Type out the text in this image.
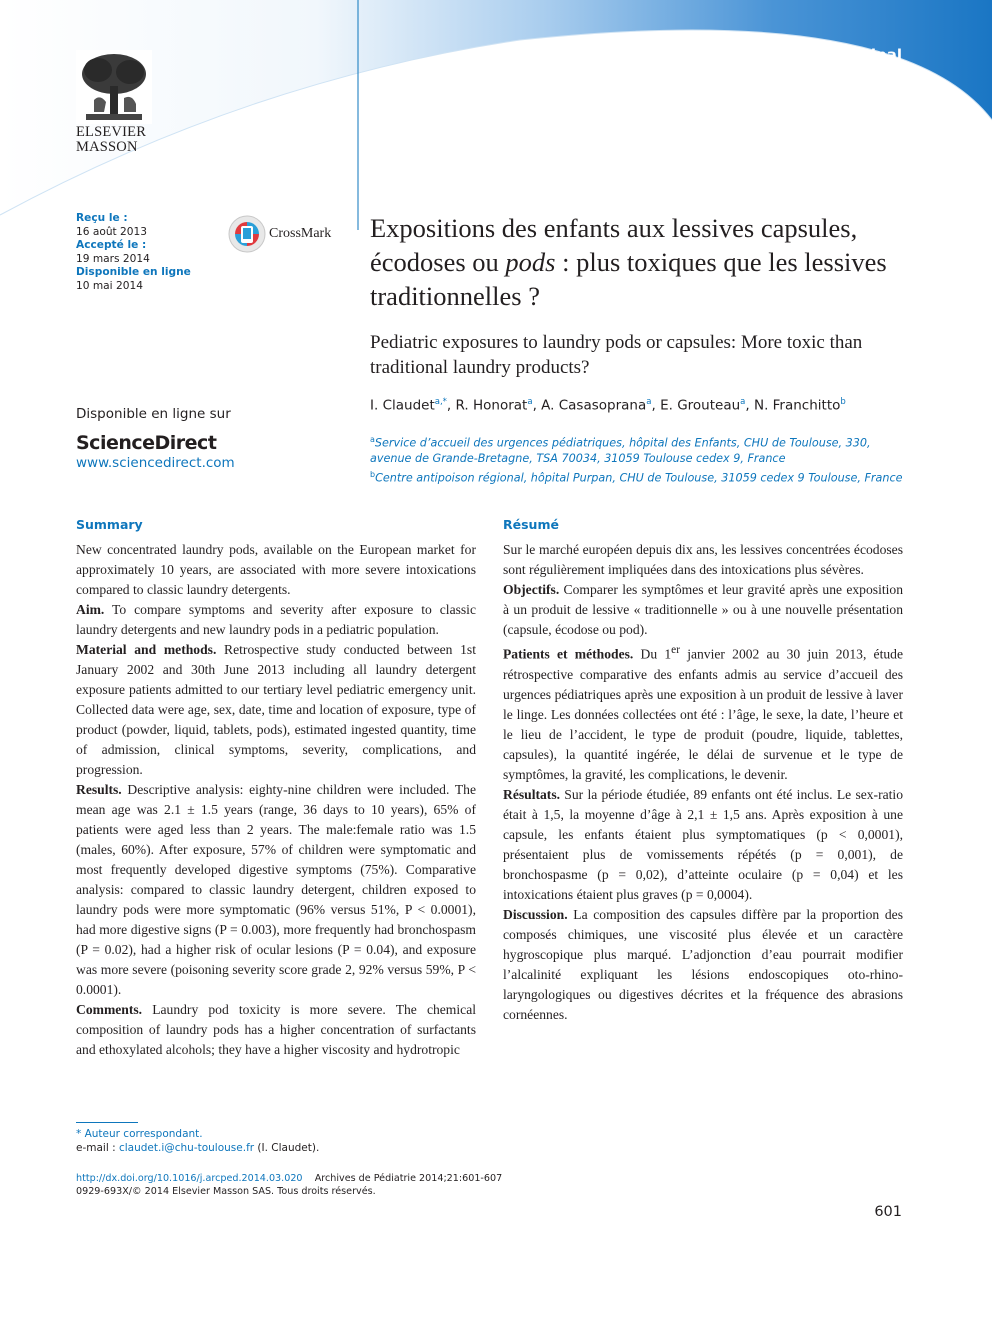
Mémoire original
ELSEVIER
MASSON
Reçu le :
16 août 2013
Accepté le :
19 mars 2014
Disponible en ligne
10 mai 2014
CrossMark
Disponible en ligne sur
ScienceDirect
www.sciencedirect.com
Expositions des enfants aux lessives capsules, écodoses ou pods : plus toxiques que les lessives traditionnelles ?
Pediatric exposures to laundry pods or capsules: More toxic than traditional laundry products?
I. Claudet$^{a,*}$, R. Honorat$^a$, A. Casasoprana$^a$, E. Grouteau$^a$, N. Franchitto$^b$
$^a$Service d’accueil des urgences pédiatriques, hôpital des Enfants, CHU de Toulouse, 330, avenue de Grande-Bretagne, TSA 70034, 31059 Toulouse cedex 9, France
$^b$Centre antipoison régional, hôpital Purpan, CHU de Toulouse, 31059 cedex 9 Toulouse, France
Summary

New concentrated laundry pods, available on the European market for approximately 10 years, are associated with more severe intoxications compared to classic laundry detergents.

Aim. To compare symptoms and severity after exposure to classic laundry detergents and new laundry pods in a pediatric population.

Material and methods. Retrospective study conducted between 1st January 2002 and 30th June 2013 including all laundry detergent exposure patients admitted to our tertiary level pediatric emergency unit. Collected data were age, sex, date, time and location of exposure, type of product (powder, liquid, tablets, pods), estimated ingested quantity, time of admission, clinical symptoms, severity, complications, and progression.

Results. Descriptive analysis: eighty-nine children were included. The mean age was 2.1 ± 1.5 years (range, 36 days to 10 years), 65% of patients were aged less than 2 years. The male:female ratio was 1.5 (males, 60%). After exposure, 57% of children were symptomatic and most frequently developed digestive symptoms (75%). Comparative analysis: compared to classic laundry detergent, children exposed to laundry pods were more symptomatic (96% versus 51%, P < 0.0001), had more digestive signs (P = 0.003), more frequently had bronchospasm (P = 0.02), had a higher risk of ocular lesions (P = 0.04), and exposure was more severe (poisoning severity score grade 2, 92% versus 59%, P < 0.0001).

Comments. Laundry pod toxicity is more severe. The chemical composition of laundry pods has a higher concentration of surfactants and ethoxylated alcohols; they have a higher viscosity and hydrotropic

Résumé

Sur le marché européen depuis dix ans, les lessives concentrées écodoses sont régulièrement impliquées dans des intoxications plus sévères.

Objectifs. Comparer les symptômes et leur gravité après une exposition à un produit de lessive « traditionnelle » ou à une nouvelle présentation (capsule, écodose ou pod).

Patients et méthodes. Du 1er janvier 2002 au 30 juin 2013, étude rétrospective comparative des enfants admis au service d’accueil des urgences pédiatriques après une exposition à un produit de lessive à laver le linge. Les données collectées ont été : l’âge, le sexe, la date, l’heure et le lieu de l’accident, le type de produit (poudre, liquide, tablettes, capsules), la quantité ingérée, le délai de survenue et le type de symptômes, la gravité, les complications, le devenir.

Résultats. Sur la période étudiée, 89 enfants ont été inclus. Le sex-ratio était à 1,5, la moyenne d’âge à 2,1 ± 1,5 ans. Après exposition à une capsule, les enfants étaient plus symptomatiques (p < 0,0001), présentaient plus de vomissements répétés (p = 0,001), de bronchospasme (p = 0,02), d’atteinte oculaire (p = 0,04) et les intoxications étaient plus graves (p = 0,0004).

Discussion. La composition des capsules diffère par la proportion des composés chimiques, une viscosité plus élevée et un caractère hygroscopique plus marqué. L’adjonction d’eau pourrait modifier l’alcalinité expliquant les lésions endoscopiques oto-rhino-laryngologiques ou digestives décrites et la fréquence des abrasions cornéennes.

* Auteur correspondant.
e-mail : claudet.i@chu-toulouse.fr (I. Claudet).
http://dx.doi.org/10.1016/j.arcped.2014.03.020 Archives de Pédiatrie 2014;21:601-607
0929-693X/© 2014 Elsevier Masson SAS. Tous droits réservés.
601
